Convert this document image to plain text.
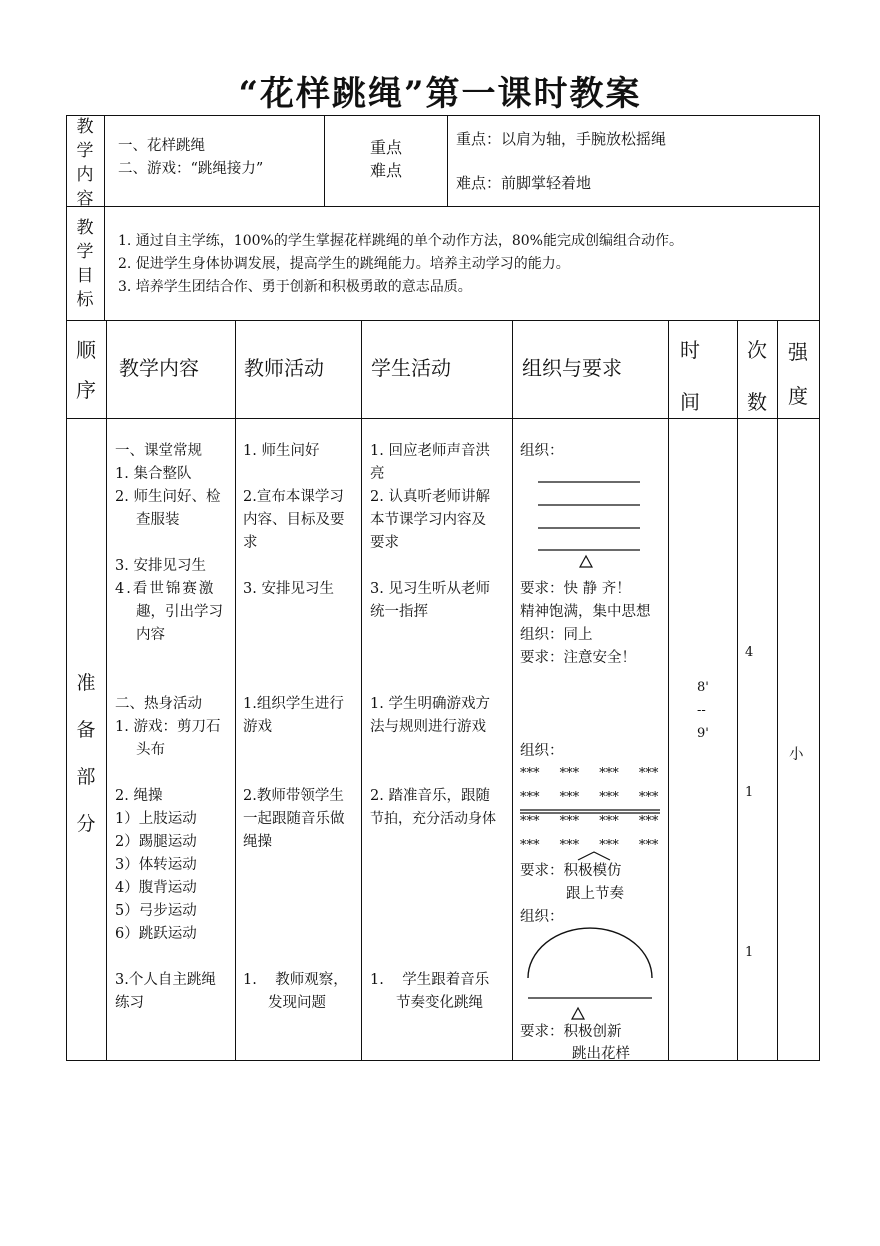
“花样跳绳”第一课时教案
教
学
内
容
一、花样跳绳
二、游戏：“跳绳接力”
重点
难点
重点：以肩为轴，手腕放松摇绳
难点：前脚掌轻着地
教
学
目
标
1. 通过自主学练，100%的学生掌握花样跳绳的单个动作方法，80%能完成创编组合动作。
2. 促进学生身体协调发展，提高学生的跳绳能力。培养主动学习的能力。
3. 培养学生团结合作、勇于创新和积极勇敢的意志品质。
顺
序
教学内容 教师活动 学生活动	组织与要求
时
间
次
数
强
度
准
备
部
分
一、课堂常规
1. 集合整队
2. 师生问好、检
查服装
3. 安排见习生
4.看世锦赛激
趣，引出学习
内容
二、热身活动
1. 游戏：剪刀石
头布
2. 绳操
1）上肢运动
2）踢腿运动
3）体转运动
4）腹背运动
5）弓步运动
6）跳跃运动
3.个人自主跳绳
练习
1. 师生问好
2.宣布本课学习
内容、目标及要
求
3. 安排见习生
1.组织学生进行
游戏
2.教师带领学生
一起跟随音乐做
绳操
1.    教师观察，
发现问题
1. 回应老师声音洪
亮
2. 认真听老师讲解
本节课学习内容及
要求
3. 见习生听从老师
统一指挥
1. 学生明确游戏方
法与规则进行游戏
2. 踏准音乐，跟随
节拍，充分活动身体
1.    学生跟着音乐
节奏变化跳绳
组织：
要求：快 静 齐！
精神饱满，集中思想
组织：同上
要求：注意安全！
组织：
*** *** *** ***
*** *** *** ***
*** *** *** ***
*** *** *** ***
要求：积极模仿
跟上节奏
组织：
要求：积极创新
跳出花样
8'
--
9'
4
1
1
小
